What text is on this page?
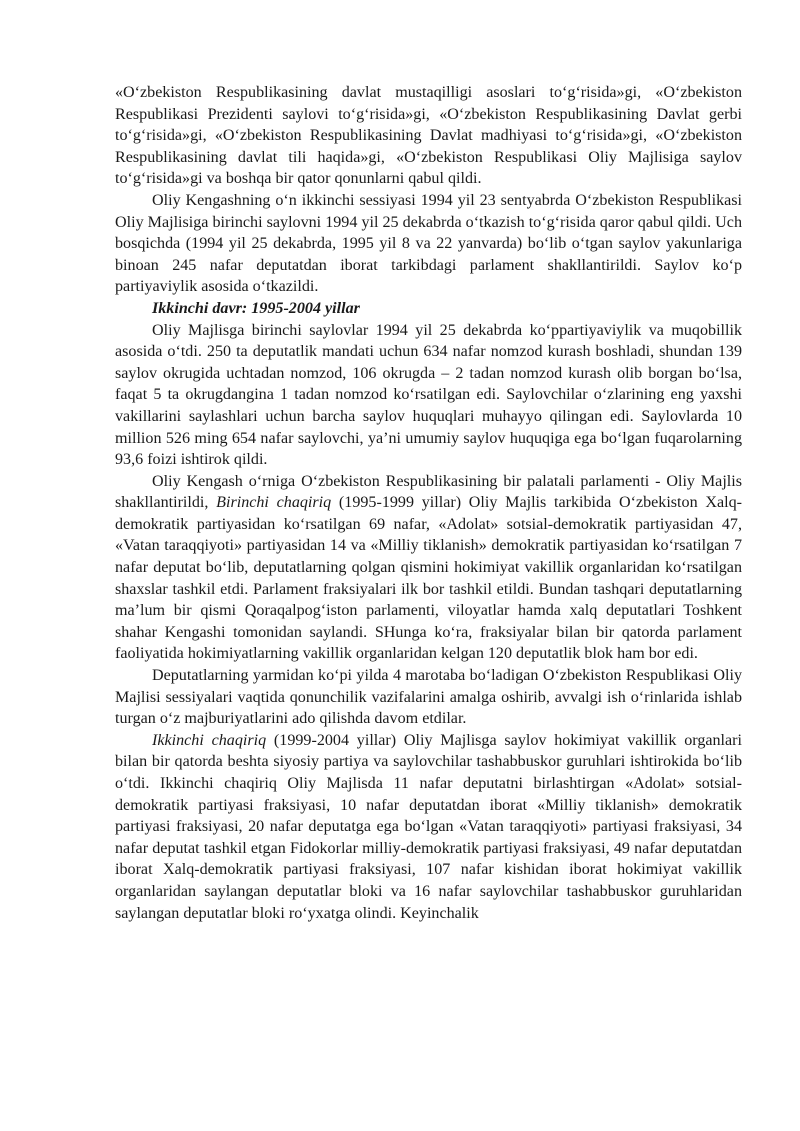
«O‘zbekiston Respublikasining davlat mustaqilligi asoslari to‘g‘risida»gi, «O‘zbekiston Respublikasi Prezidenti saylovi to‘g‘risida»gi, «O‘zbekiston Respublikasining Davlat gerbi to‘g‘risida»gi, «O‘zbekiston Respublikasining Davlat madhiyasi to‘g‘risida»gi, «O‘zbekiston Respublikasining davlat tili haqida»gi, «O‘zbekiston Respublikasi Oliy Majlisiga saylov to‘g‘risida»gi va boshqa bir qator qonunlarni qabul qildi.

Oliy Kengashning o‘n ikkinchi sessiyasi 1994 yil 23 sentyabrda O‘zbekiston Respublikasi Oliy Majlisiga birinchi saylovni 1994 yil 25 dekabrda o‘tkazish to‘g‘risida qaror qabul qildi. Uch bosqichda (1994 yil 25 dekabrda, 1995 yil 8 va 22 yanvarda) bo‘lib o‘tgan saylov yakunlariga binoan 245 nafar deputatdan iborat tarkibdagi parlament shakllantirildi. Saylov ko‘p partiyaviylik asosida o‘tkazildi.

Ikkinchi davr: 1995-2004 yillar

Oliy Majlisga birinchi saylovlar 1994 yil 25 dekabrda ko‘ppartiyaviylik va muqobillik asosida o‘tdi. 250 ta deputatlik mandati uchun 634 nafar nomzod kurash boshladi, shundan 139 saylov okrugida uchtadan nomzod, 106 okrugda – 2 tadan nomzod kurash olib borgan bo‘lsa, faqat 5 ta okrugdangina 1 tadan nomzod ko‘rsatilgan edi. Saylovchilar o‘zlarining eng yaxshi vakillarini saylashlari uchun barcha saylov huquqlari muhayyo qilingan edi. Saylovlarda 10 million 526 ming 654 nafar saylovchi, ya’ni umumiy saylov huquqiga ega bo‘lgan fuqarolarning 93,6 foizi ishtirok qildi.

Oliy Kengash o‘rniga O‘zbekiston Respublikasining bir palatali parlamenti - Oliy Majlis shakllantirildi, Birinchi chaqiriq (1995-1999 yillar) Oliy Majlis tarkibida O‘zbekiston Xalq-demokratik partiyasidan ko‘rsatilgan 69 nafar, «Adolat» sotsial-demokratik partiyasidan 47, «Vatan taraqqiyoti» partiyasidan 14 va «Milliy tiklanish» demokratik partiyasidan ko‘rsatilgan 7 nafar deputat bo‘lib, deputatlarning qolgan qismini hokimiyat vakillik organlaridan ko‘rsatilgan shaxslar tashkil etdi. Parlament fraksiyalari ilk bor tashkil etildi. Bundan tashqari deputatlarning ma’lum bir qismi Qoraqalpog‘iston parlamenti, viloyatlar hamda xalq deputatlari Toshkent shahar Kengashi tomonidan saylandi. SHunga ko‘ra, fraksiyalar bilan bir qatorda parlament faoliyatida hokimiyatlarning vakillik organlaridan kelgan 120 deputatlik blok ham bor edi.

Deputatlarning yarmidan ko‘pi yilda 4 marotaba bo‘ladigan O‘zbekiston Respublikasi Oliy Majlisi sessiyalari vaqtida qonunchilik vazifalarini amalga oshirib, avvalgi ish o‘rinlarida ishlab turgan o‘z majburiyatlarini ado qilishda davom etdilar.

Ikkinchi chaqiriq (1999-2004 yillar) Oliy Majlisga saylov hokimiyat vakillik organlari bilan bir qatorda beshta siyosiy partiya va saylovchilar tashabbuskor guruhlari ishtirokida bo‘lib o‘tdi. Ikkinchi chaqiriq Oliy Majlisda 11 nafar deputatni birlashtirgan «Adolat» sotsial-demokratik partiyasi fraksiyasi, 10 nafar deputatdan iborat «Milliy tiklanish» demokratik partiyasi fraksiyasi, 20 nafar deputatga ega bo‘lgan «Vatan taraqqiyoti» partiyasi fraksiyasi, 34 nafar deputat tashkil etgan Fidokorlar milliy-demokratik partiyasi fraksiyasi, 49 nafar deputatdan iborat Xalq-demokratik partiyasi fraksiyasi, 107 nafar kishidan iborat hokimiyat vakillik organlaridan saylangan deputatlar bloki va 16 nafar saylovchilar tashabbuskor guruhlaridan saylangan deputatlar bloki ro‘yxatga olindi. Keyinchalik
